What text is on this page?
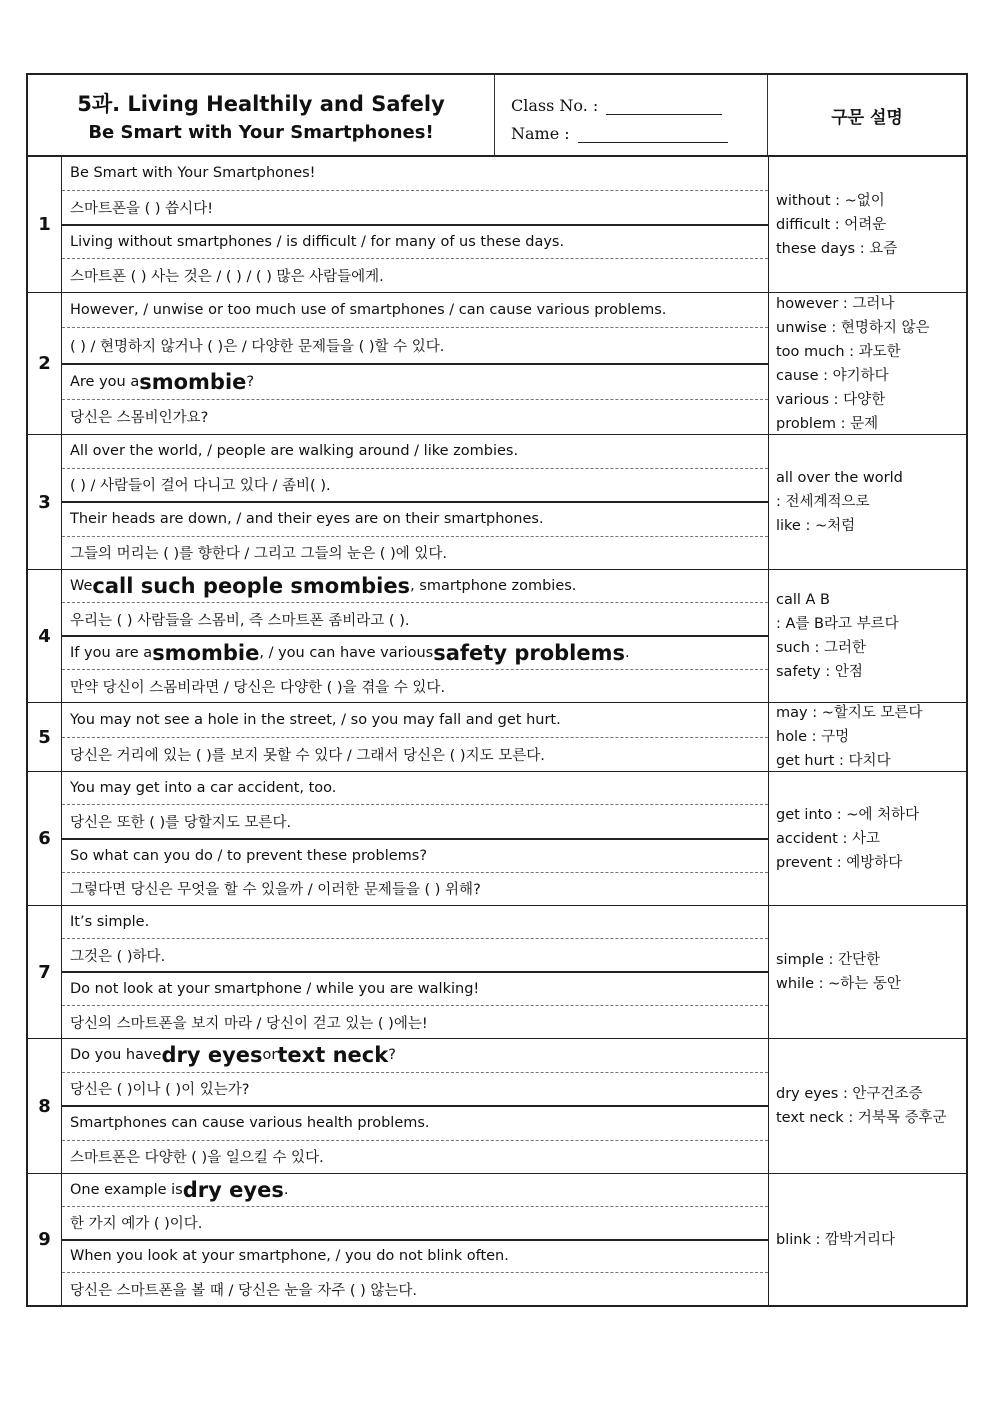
5과. Living Healthily and Safely
Be Smart with Your Smartphones!
Class No. :
Name :
구문 설명
1
Be Smart with Your Smartphones!
스마트폰을 ( ) 씁시다!
Living without smartphones / is difficult / for many of us these days.
스마트폰 ( ) 사는 것은 / ( ) / ( ) 많은 사람들에게.
without : ~없이
difficult : 어려운
these days : 요즘
2
However, / unwise or too much use of smartphones / can cause various problems.
( ) / 현명하지 않거나 ( )은 / 다양한 문제들을 ( )할 수 있다.
Are you a smombie ?
당신은 스몸비인가요?
however : 그러나
unwise : 현명하지 않은
too much : 과도한
cause : 야기하다
various : 다양한
problem : 문제
3
All over the world, / people are walking around / like zombies.
( ) / 사람들이 걸어 다니고 있다 / 좀비( ).
Their heads are down, / and their eyes are on their smartphones.
그들의 머리는 ( )를 향한다 / 그리고 그들의 눈은 ( )에 있다.
all over the world
: 전세계적으로
like : ~처럼
4
We call such people smombies , smartphone zombies.
우리는 ( ) 사람들을 스몸비, 즉 스마트폰 좀비라고 ( ).
If you are a smombie , / you can have various safety problems .
만약 당신이 스몸비라면 / 당신은 다양한 ( )을 겪을 수 있다.
call A B
: A를 B라고 부르다
such : 그러한
safety : 안점
5
You may not see a hole in the street, / so you may fall and get hurt.
당신은 거리에 있는 ( )를 보지 못할 수 있다 / 그래서 당신은 ( )지도 모른다.
may : ~할지도 모른다
hole : 구멍
get hurt : 다치다
6
You may get into a car accident, too.
당신은 또한 ( )를 당할지도 모른다.
So what can you do / to prevent these problems?
그렇다면 당신은 무엇을 할 수 있을까 / 이러한 문제들을 ( ) 위해?
get into : ~에 처하다
accident : 사고
prevent : 예방하다
7
It’s simple.
그것은 ( )하다.
Do not look at your smartphone / while you are walking!
당신의 스마트폰을 보지 마라 / 당신이 걷고 있는 ( )에는!
simple : 간단한
while : ~하는 동안
8
Do you have dry eyes or text neck ?
당신은 ( )이나 ( )이 있는가?
Smartphones can cause various health problems.
스마트폰은 다양한 ( )을 일으킬 수 있다.
dry eyes : 안구건조증
text neck : 거북목 증후군
9
One example is dry eyes .
한 가지 예가 ( )이다.
When you look at your smartphone, / you do not blink often.
당신은 스마트폰을 볼 때 / 당신은 눈을 자주 ( ) 않는다.
blink : 깜박거리다
